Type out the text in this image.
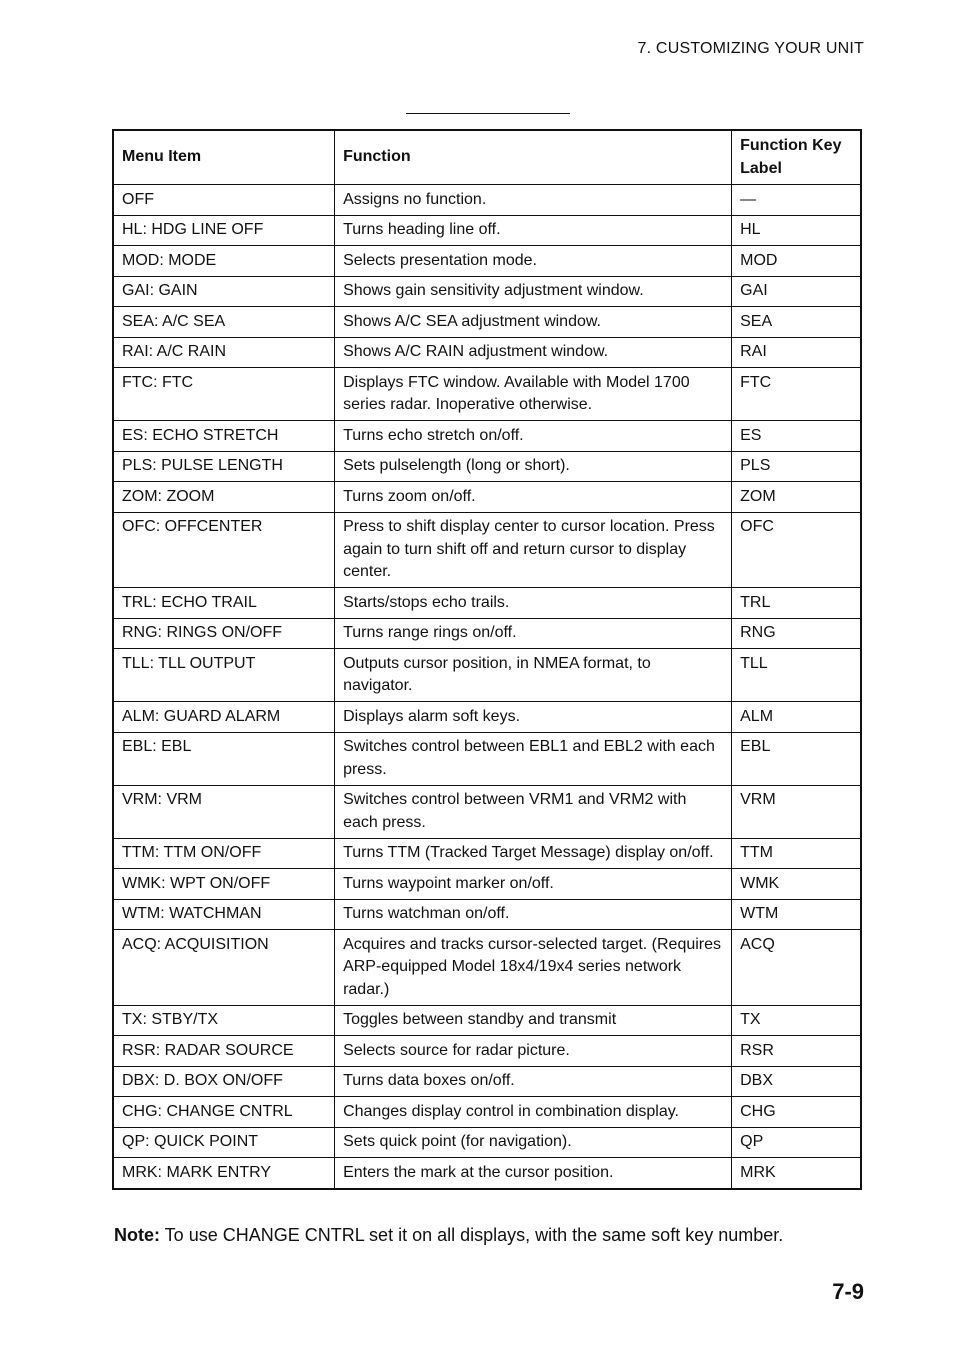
7. CUSTOMIZING YOUR UNIT
Menu Item	Function	Function Key Label
OFF	Assigns no function.	—
HL: HDG LINE OFF	Turns heading line off.	HL
MOD: MODE	Selects presentation mode.	MOD
GAI: GAIN	Shows gain sensitivity adjustment window.	GAI
SEA: A/C SEA	Shows A/C SEA adjustment window.	SEA
RAI: A/C RAIN	Shows A/C RAIN adjustment window.	RAI
FTC: FTC	Displays FTC window. Available with Model 1700 series radar. Inoperative otherwise.	FTC
ES: ECHO STRETCH	Turns echo stretch on/off.	ES
PLS: PULSE LENGTH	Sets pulselength (long or short).	PLS
ZOM: ZOOM	Turns zoom on/off.	ZOM
OFC: OFFCENTER	Press to shift display center to cursor location. Press again to turn shift off and return cursor to display center.	OFC
TRL: ECHO TRAIL	Starts/stops echo trails.	TRL
RNG: RINGS ON/OFF	Turns range rings on/off.	RNG
TLL: TLL OUTPUT	Outputs cursor position, in NMEA format, to navigator.	TLL
ALM: GUARD ALARM	Displays alarm soft keys.	ALM
EBL: EBL	Switches control between EBL1 and EBL2 with each press.	EBL
VRM: VRM	Switches control between VRM1 and VRM2 with each press.	VRM
TTM: TTM ON/OFF	Turns TTM (Tracked Target Message) display on/off.	TTM
WMK: WPT ON/OFF	Turns waypoint marker on/off.	WMK
WTM: WATCHMAN	Turns watchman on/off.	WTM
ACQ: ACQUISITION	Acquires and tracks cursor-selected target. (Requires ARP-equipped Model 18x4/19x4 series network radar.)	ACQ
TX: STBY/TX	Toggles between standby and transmit	TX
RSR: RADAR SOURCE	Selects source for radar picture.	RSR
DBX: D. BOX ON/OFF	Turns data boxes on/off.	DBX
CHG: CHANGE CNTRL	Changes display control in combination display.	CHG
QP: QUICK POINT	Sets quick point (for navigation).	QP
MRK: MARK ENTRY	Enters the mark at the cursor position.	MRK
Note: To use CHANGE CNTRL set it on all displays, with the same soft key number.
7-9
